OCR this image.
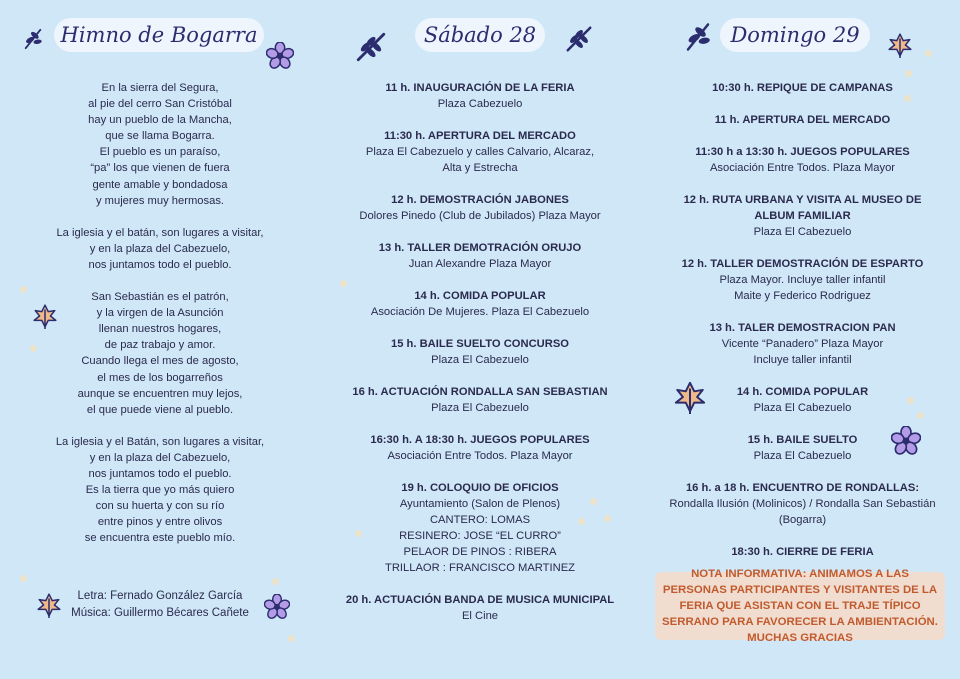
Himno de Bogarra
En la sierra del Segura,
al pie del cerro San Cristóbal
hay un pueblo de la Mancha,
que se llama Bogarra.
El pueblo es un paraíso,
“pa” los que vienen de fuera
gente amable y bondadosa
y mujeres muy hermosas.
La iglesia y el batán, son lugares a visitar,
y en la plaza del Cabezuelo,
nos juntamos todo el pueblo.
San Sebastián es el patrón,
y la virgen de la Asunción
llenan nuestros hogares,
de paz trabajo y amor.
Cuando llega el mes de agosto,
el mes de los bogarreños
aunque se encuentren muy lejos,
el que puede viene al pueblo.
La iglesia y el Batán, son lugares a visitar,
y en la plaza del Cabezuelo,
nos juntamos todo el pueblo.
Es la tierra que yo más quiero
con su huerta y con su río
entre pinos y entre olivos
se encuentra este pueblo mío.
Letra: Fernado González García
Música: Guillermo Bécares Cañete
Sábado 28
11 h. INAUGURACIÓN DE LA FERIA
Plaza Cabezuelo
11:30 h. APERTURA DEL MERCADO
Plaza El Cabezuelo y calles Calvario, Alcaraz,
Alta y Estrecha
12 h. DEMOSTRACIÓN JABONES
Dolores Pinedo (Club de Jubilados) Plaza Mayor
13 h. TALLER DEMOTRACIÓN ORUJO
Juan Alexandre Plaza Mayor
14 h. COMIDA POPULAR
Asociación De Mujeres. Plaza El Cabezuelo
15 h. BAILE SUELTO CONCURSO
Plaza El Cabezuelo
16 h. ACTUACIÓN RONDALLA SAN SEBASTIAN
Plaza El Cabezuelo
16:30 h. A 18:30 h. JUEGOS POPULARES
Asociación Entre Todos. Plaza Mayor
19 h. COLOQUIO DE OFICIOS
Ayuntamiento (Salon de Plenos)
CANTERO: LOMAS
RESINERO: JOSE “EL CURRO”
PELAOR DE PINOS : RIBERA
TRILLAOR : FRANCISCO MARTINEZ
20 h. ACTUACIÓN BANDA DE MUSICA MUNICIPAL
El Cine
Domingo 29
10:30 h. REPIQUE DE CAMPANAS
11 h. APERTURA DEL MERCADO
11:30 h a 13:30 h. JUEGOS POPULARES
Asociación Entre Todos. Plaza Mayor
12 h. RUTA URBANA Y VISITA AL MUSEO DE ALBUM FAMILIAR
Plaza El Cabezuelo
12 h. TALLER DEMOSTRACIÓN DE ESPARTO
Plaza Mayor. Incluye taller infantil
Maite y Federico Rodriguez
13 h. TALER DEMOSTRACION PAN
Vicente “Panadero” Plaza Mayor
Incluye taller infantil
14 h. COMIDA POPULAR
Plaza El Cabezuelo
15 h. BAILE SUELTO
Plaza El Cabezuelo
16 h. a 18 h. ENCUENTRO DE RONDALLAS:
Rondalla Ilusión (Molinicos) / Rondalla San Sebastián (Bogarra)
18:30 h. CIERRE DE FERIA
NOTA INFORMATIVA: ANIMAMOS A LAS PERSONAS PARTICIPANTES Y VISITANTES DE LA FERIA QUE ASISTAN CON EL TRAJE TÍPICO SERRANO PARA FAVORECER LA AMBIENTACIÓN. MUCHAS GRACIAS
